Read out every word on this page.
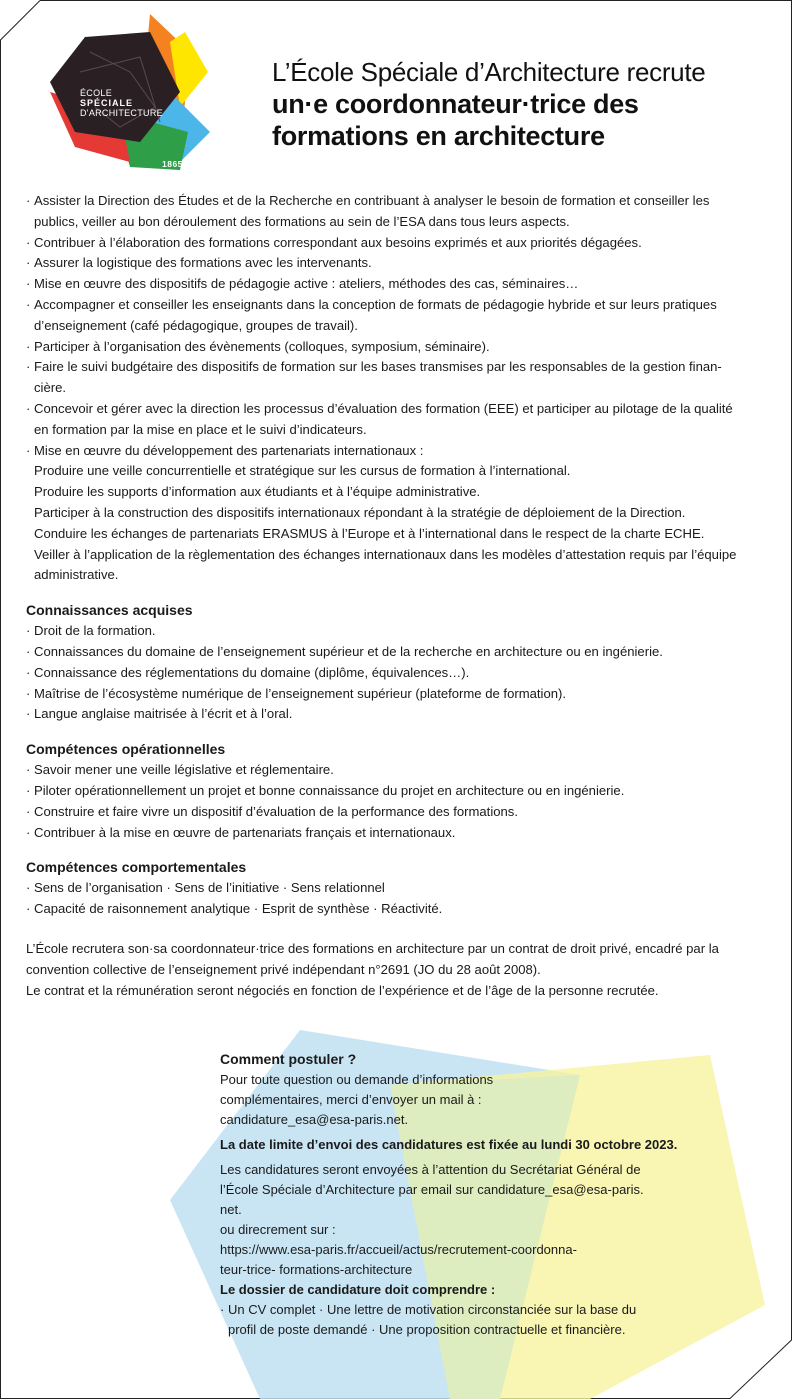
ÉCOLE
SPÉCIALE
D'ARCHITECTURE
1865-2015
L’École Spéciale d’Architecture recrute
un·e coordonnateur·trice des
formations en architecture
· Assister la Direction des Études et de la Recherche en contribuant à analyser le besoin de formation et conseiller les
publics, veiller au bon déroulement des formations au sein de l’ESA dans tous leurs aspects.
· Contribuer à l’élaboration des formations correspondant aux besoins exprimés et aux priorités dégagées.
· Assurer la logistique des formations avec les intervenants.
· Mise en œuvre des dispositifs de pédagogie active : ateliers, méthodes des cas, séminaires…
· Accompagner et conseiller les enseignants dans la conception de formats de pédagogie hybride et sur leurs pratiques
d’enseignement (café pédagogique, groupes de travail).
· Participer à l’organisation des évènements (colloques, symposium, séminaire).
· Faire le suivi budgétaire des dispositifs de formation sur les bases transmises par les responsables de la gestion finan-
cière.
· Concevoir et gérer avec la direction les processus d’évaluation des formation (EEE) et participer au pilotage de la qualité
en formation par la mise en place et le suivi d’indicateurs.
· Mise en œuvre du développement des partenariats internationaux :
Produire une veille concurrentielle et stratégique sur les cursus de formation à l’international.
Produire les supports d’information aux étudiants et à l’équipe administrative.
Participer à la construction des dispositifs internationaux répondant à la stratégie de déploiement de la Direction.
Conduire les échanges de partenariats ERASMUS à l’Europe et à l’international dans le respect de la charte ECHE.
Veiller à l’application de la règlementation des échanges internationaux dans les modèles d’attestation requis par l’équipe
administrative.
Connaissances acquises
· Droit de la formation.
· Connaissances du domaine de l’enseignement supérieur et de la recherche en architecture ou en ingénierie.
· Connaissance des réglementations du domaine (diplôme, équivalences…).
· Maîtrise de l’écosystème numérique de l’enseignement supérieur (plateforme de formation).
· Langue anglaise maitrisée à l’écrit et à l’oral.
Compétences opérationnelles
· Savoir mener une veille législative et réglementaire.
· Piloter opérationnellement un projet et bonne connaissance du projet en architecture ou en ingénierie.
· Construire et faire vivre un dispositif d’évaluation de la performance des formations.
· Contribuer à la mise en œuvre de partenariats français et internationaux.
Compétences comportementales
· Sens de l’organisation · Sens de l’initiative · Sens relationnel
· Capacité de raisonnement analytique · Esprit de synthèse · Réactivité.
L’École recrutera son·sa coordonnateur·trice des formations en architecture par un contrat de droit privé, encadré par la
convention collective de l’enseignement privé indépendant n°2691 (JO du 28 août 2008).
Le contrat et la rémunération seront négociés en fonction de l’expérience et de l’âge de la personne recrutée.
Comment postuler ?
Pour toute question ou demande d’informations
complémentaires, merci d’envoyer un mail à :
candidature_esa@esa-paris.net.
La date limite d’envoi des candidatures est fixée au lundi 30 octobre 2023.
Les candidatures seront envoyées à l’attention du Secrétariat Général de
l’École Spéciale d’Architecture par email sur candidature_esa@esa-paris.
net.
ou direcrement sur :
https://www.esa-paris.fr/accueil/actus/recrutement-coordonna-
teur-trice- formations-architecture
Le dossier de candidature doit comprendre :
· Un CV complet · Une lettre de motivation circonstanciée sur la base du
profil de poste demandé · Une proposition contractuelle et financière.
